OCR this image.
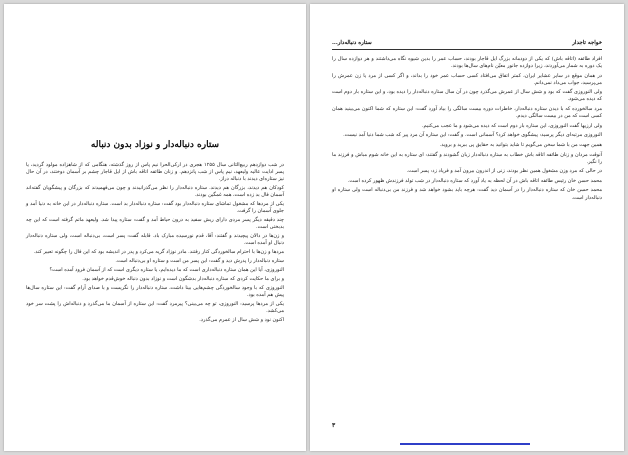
ستاره دنباله‌دار و نوزاد بدون دنباله

در شب دوازدهم ربیع‌الثانی سال ۱۲۵۵ هجری در ارکی‌الحرا نیم پاس از روز گذشته، هنگامی که از شاهزاده مولود گردید، یا پسر ادایت عالیه ولیعهد، نیم پاس از شب پانزدهم. و زنان طائفه اتاقه باش از ایل قاجار چشم بر آسمان دوختند، در آن حال نیز ستاره‌ای دیدند با دنباله دراز.

کودکان هم دیدند، بزرگان هم دیدند. ستاره دنباله‌دار را نظر می‌گذرانیدند و چون می‌فهمیدند که بزرگان و پیشگویان گفته‌اند آسمان فال بد زده است، همه غمگین بودند.

یکی از مردها که مشغول تماشای ستاره دنباله‌دار بود گفت: ستاره دنباله‌دار بد است. ستاره دنباله‌دار در این خانه به دنیا آمد و جلوی آسمان را گرفت.

چند دقیقه دیگر پسر مردی دارای ریش سفید به درون حیاط آمد و گفت: ستاره پیدا شد. ولیعهد ماتم گرفته است که این چه بدبختی است.

و زن‌ها در دالان پیچیدند و گفتند: آقا، قدم نورسیده مبارک باد. قابله گفت: پسر است، بی‌دنباله است، ولی ستاره دنباله‌دار دنبال او آمده است.

مردها و زن‌ها با احترام سالخوردگی کنار رفتند. مادر نوزاد گریه می‌کرد و پدر در اندیشه بود که این فال را چگونه تعبیر کند.

ستاره دنباله‌دار را پدرش دید و گفت: این پسر من است و ستاره او بی‌دنباله است.

النوروزی، آیا این همان ستاره دنباله‌داری است که ما دیده‌ایم، یا ستاره دیگری است که از آسمان فرود آمده است؟

و برای ما حکایت کردی که ستاره دنباله‌دار بدشگون است و نوزاد بدون دنباله خوش‌قدم خواهد بود.

النوروزی که با وجود سالخوردگی چشم‌هایی بینا داشت، ستاره دنباله‌دار را نگریست و با صدای آرام گفت: این ستاره سال‌ها پیش هم آمده بود.

یکی از مردها پرسید: النوروزی، تو چه می‌بینی؟ پیرمرد گفت: این ستاره از آسمان ما می‌گذرد و دنباله‌اش را پشت سر خود می‌کشد.

اکنون نود و شش سال از عمرم می‌گذرد.

خواجه تاجدار
ستاره دنباله‌دار...

افراد طائفه (اتاقه باش) که یکی از دودمانه بزرگ ایل قاجار بودند، حساب عمر را بدین شیوه نگاه می‌داشتند و هر دوازده سال را یک دوره به شمار می‌آوردند، زیرا دوازده جانور معیّن نام‌های سال‌ها بودند.

در همان موقع در سایر عشایر ایران، کمتر اتفاق می‌افتاد کسی حساب عمر خود را بداند، و اگر کسی از مرد یا زن عمرش را می‌پرسید، جواب می‌داد نمی‌دانم.

ولی النوروزی گفت که بود و شش سال از عمرش می‌گذرد چون در آن سال ستاره دنباله‌دار را دیده بود، و این ستاره بار دوم است که دیده می‌شود.

مرد سالخورده که با دیدن ستاره دنباله‌دار، خاطرات دوره بیست سالگی را بیاد آورد گفت: این ستاره که شما اکنون می‌بینید همان کسی است که من در بیست سالگی دیدم.

ولی ارزیها گفت النوروزی، این ستاره بار دوم است که دیده می‌شود و ما عجب می‌کنیم.

النوروزی مرتبه‌ای دیگر پرسید: پیشگوی خواهد کرد؟ آسمانی است. و گفت: این ستاره آن مرد پیر که شب شما دنیا آمد نیست.

همین جهت من با شما سخن می‌گویم تا شاید بتوانید به حقایق پی ببرید و بروید.

آنوقت مردان و زنان طائفه اتاقه باش خطاب به ستاره دنباله‌دار زبان گشودند و گفتند: ای ستاره به این خانه شوم مباش و فرزند ما را نگیر.

در حالی که مرد وزن مشغول همین نظر بودند، زنی از اندرون بیرون آمد و فریاد زد: پسر است.

محمد حسن خان رئیس طائفه اتاقه باش در آن لحظه به یاد آورد که ستاره دنباله‌دار در شب تولد فرزندش ظهور کرده است.

محمد حسن خان که ستاره دنباله‌دار را در آسمان دید گفت: هرچه باید بشود خواهد شد و فرزند من بی‌دنباله است ولی ستاره او دنباله‌دار است.

۳
